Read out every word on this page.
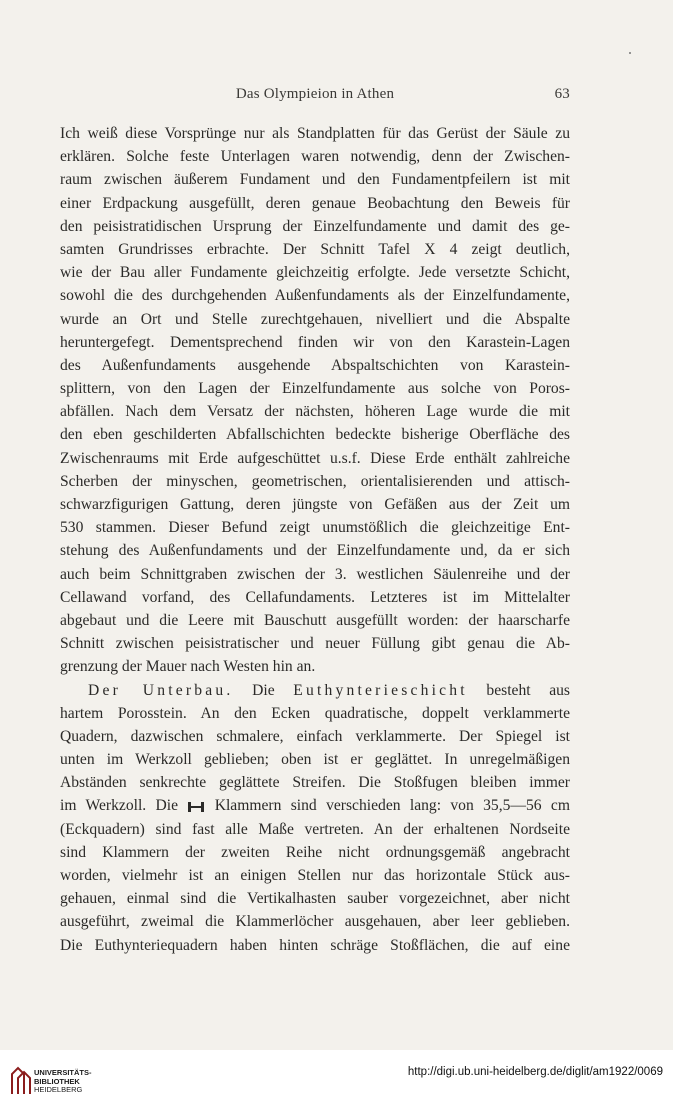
Das Olympieion in Athen	63
Ich weiß diese Vorsprünge nur als Standplatten für das Gerüst der Säule zu
erklären. Solche feste Unterlagen waren notwendig, denn der Zwischen-
raum zwischen äußerem Fundament und den Fundamentpfeilern ist mit
einer Erdpackung ausgefüllt, deren genaue Beobachtung den Beweis für
den peisistratidischen Ursprung der Einzelfundamente und damit des ge-
samten Grundrisses erbrachte. Der Schnitt Tafel X 4 zeigt deutlich,
wie der Bau aller Fundamente gleichzeitig erfolgte. Jede versetzte Schicht,
sowohl die des durchgehenden Außenfundaments als der Einzelfundamente,
wurde an Ort und Stelle zurechtgehauen, nivelliert und die Abspalte
heruntergefegt. Dementsprechend finden wir von den Karastein-Lagen
des Außenfundaments ausgehende Abspaltschichten von Karastein-
splittern, von den Lagen der Einzelfundamente aus solche von Poros-
abfällen. Nach dem Versatz der nächsten, höheren Lage wurde die mit
den eben geschilderten Abfallschichten bedeckte bisherige Oberfläche des
Zwischenraums mit Erde aufgeschüttet u.s.f. Diese Erde enthält zahlreiche
Scherben der minyschen, geometrischen, orientalisierenden und attisch-
schwarzfigurigen Gattung, deren jüngste von Gefäßen aus der Zeit um
530 stammen. Dieser Befund zeigt unumstößlich die gleichzeitige Ent-
stehung des Außenfundaments und der Einzelfundamente und, da er sich
auch beim Schnittgraben zwischen der 3. westlichen Säulenreihe und der
Cellawand vorfand, des Cellafundaments. Letzteres ist im Mittelalter
abgebaut und die Leere mit Bauschutt ausgefüllt worden: der haarscharfe
Schnitt zwischen peisistratischer und neuer Füllung gibt genau die Ab-
grenzung der Mauer nach Westen hin an.
Der Unterbau. Die Euthynterieschicht besteht aus
hartem Porosstein. An den Ecken quadratische, doppelt verklammerte
Quadern, dazwischen schmalere, einfach verklammerte. Der Spiegel ist
unten im Werkzoll geblieben; oben ist er geglättet. In unregelmäßigen
Abständen senkrechte geglättete Streifen. Die Stoßfugen bleiben immer
im Werkzoll. Die
Klammern sind verschieden lang: von 35,5—56 cm
(Eckquadern) sind fast alle Maße vertreten. An der erhaltenen Nordseite
sind Klammern der zweiten Reihe nicht ordnungsgemäß angebracht
worden, vielmehr ist an einigen Stellen nur das horizontale Stück aus-
gehauen, einmal sind die Vertikalhasten sauber vorgezeichnet, aber nicht
ausgeführt, zweimal die Klammerlöcher ausgehauen, aber leer geblieben.
Die Euthynteriequadern haben hinten schräge Stoßflächen, die auf eine
UNIVERSITÄTS-
BIBLIOTHEK
HEIDELBERG
http://digi.ub.uni-heidelberg.de/diglit/am1922/0069
